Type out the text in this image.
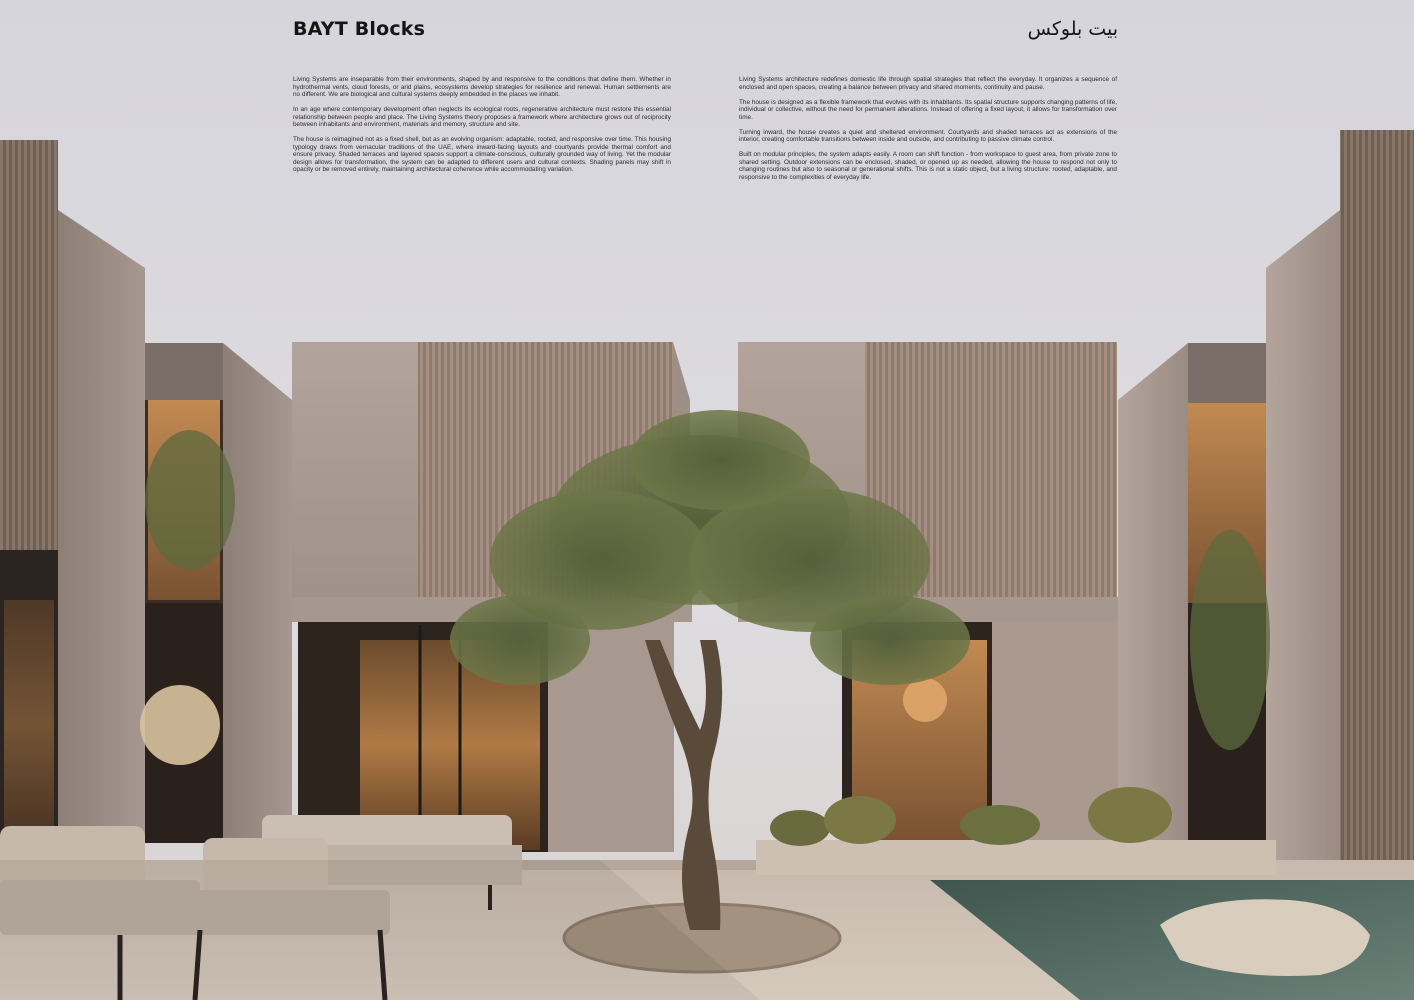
BAYT Blocks	بيت بلوكس

Living Systems are inseparable from their environments, shaped by and responsive to the conditions that define them. Whether in hydrothermal vents, cloud forests, or arid plains, ecosystems develop strategies for resilience and renewal. Human settlements are no different. We are biological and cultural systems deeply embedded in the places we inhabit.

In an age where contemporary development often neglects its ecological roots, regenerative architecture must restore this essential relationship between people and place. The Living Systems theory proposes a framework where architecture grows out of reciprocity between inhabitants and environment, materials and memory, structure and site.

The house is reimagined not as a fixed shell, but as an evolving organism: adaptable, rooted, and responsive over time. This housing typology draws from vernacular traditions of the UAE, where inward-facing layouts and courtyards provide thermal comfort and ensure privacy. Shaded terraces and layered spaces support a climate-conscious, culturally grounded way of living. Yet the modular design allows for transformation, the system can be adapted to different users and cultural contexts. Shading panels may shift in opacity or be removed entirely, maintaining architectural coherence while accommodating variation.

Living Systems architecture redefines domestic life through spatial strategies that reflect the everyday. It organizes a sequence of enclosed and open spaces, creating a balance between privacy and shared moments, continuity and pause.

The house is designed as a flexible framework that evolves with its inhabitants. Its spatial structure supports changing patterns of life, individual or collective, without the need for permanent alterations. Instead of offering a fixed layout, it allows for transformation over time.

Turning inward, the house creates a quiet and sheltered environment. Courtyards and shaded terraces act as extensions of the interior, creating comfortable transitions between inside and outside, and contributing to passive climate control.

Built on modular principles, the system adapts easily. A room can shift function - from workspace to guest area, from private zone to shared setting. Outdoor extensions can be enclosed, shaded, or opened up as needed, allowing the house to respond not only to changing routines but also to seasonal or generational shifts. This is not a static object, but a living structure: rooted, adaptable, and responsive to the complexities of everyday life.
